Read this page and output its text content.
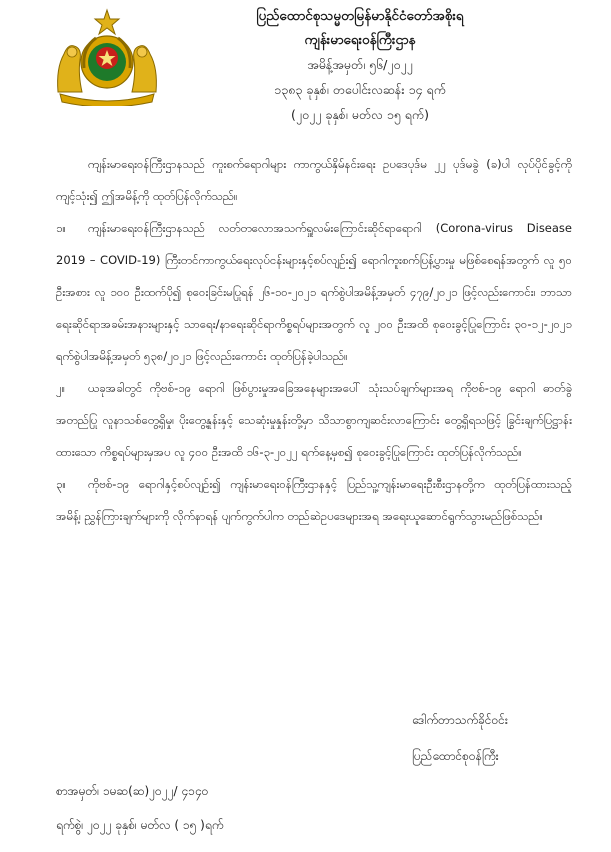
ပြည်ထောင်စုသမ္မတမြန်မာနိုင်ငံတော်အစိုးရ
ကျန်းမာရေးဝန်ကြီးဌာန
အမိန့်အမှတ်၊ ၅၆/၂၀၂၂
၁၃၈၃ ခုနှစ်၊ တပေါင်းလဆန်း ၁၄ ရက်
(၂၀၂၂ ခုနှစ်၊ မတ်လ ၁၅ ရက်)

ကျန်းမာရေးဝန်ကြီးဌာနသည် ကူးစက်ရောဂါများ ကာကွယ်နှိမ်နင်းရေး ဥပဒေပုဒ်မ ၂၂ ပုဒ်မခွဲ (ခ)ပါ လုပ်ပိုင်ခွင့်ကို ကျင့်သုံး၍ ဤအမိန့်ကို ထုတ်ပြန်လိုက်သည်။

၁။ ကျန်းမာရေးဝန်ကြီးဌာနသည် လတ်တလောအသက်ရှူလမ်းကြောင်းဆိုင်ရာရောဂါ (Corona-virus Disease 2019 – COVID-19) ကြီးတင်ကာကွယ်ရေးလုပ်ငန်းများနှင့်စပ်လျဉ်း၍ ရောဂါကူးစက်ပြန့်ပွားမှု မဖြစ်စေရန်အတွက် လူ ၅၀ ဦးအစား လူ ၁၀၀ ဦးထက်ပို၍ စုဝေးခြင်းမပြုရန် ၂၆-၁၀-၂၀၂၁ ရက်စွဲပါအမိန့်အမှတ် ၄၇၉/၂၀၂၁ ဖြင့်လည်းကောင်း၊ ဘာသာရေးဆိုင်ရာအခမ်းအနားများနှင့် သာရေး/နာရေးဆိုင်ရာကိစ္စရပ်များအတွက် လူ ၂၀၀ ဦးအထိ စုဝေးခွင့်ပြုကြောင်း ၃၀-၁၂-၂၀၂၁ ရက်စွဲပါအမိန့်အမှတ် ၅၃၈/၂၀၂၁ ဖြင့်လည်းကောင်း ထုတ်ပြန်ခဲ့ပါသည်။

၂။ ယခုအခါတွင် ကိုဗစ်-၁၉ ရောဂါ ဖြစ်ပွားမှုအခြေအနေများအပေါ် သုံးသပ်ချက်များအရ ကိုဗစ်-၁၉ ရောဂါ ဓာတ်ခွဲအတည်ပြု လူနာသစ်တွေ့ရှိမှု၊ ပိုးတွေ့နှုန်းနှင့် သေဆုံးမှုနှုန်းတို့မှာ သိသာစွာကျဆင်းလာကြောင်း တွေ့ရှိရသဖြင့် ခြွင်းချက်ပြဋ္ဌာန်းထားသော ကိစ္စရပ်များမှအပ လူ ၄၀၀ ဦးအထိ ၁၆-၃-၂၀၂၂ ရက်နေ့မှစ၍ စုဝေးခွင့်ပြုကြောင်း ထုတ်ပြန်လိုက်သည်။

၃။ ကိုဗစ်-၁၉ ရောဂါနှင့်စပ်လျဉ်း၍ ကျန်းမာရေးဝန်ကြီးဌာနနှင့် ပြည်သူ့ကျန်းမာရေးဦးစီးဌာနတို့က ထုတ်ပြန်ထားသည့် အမိန့်၊ ညွှန်ကြားချက်များကို လိုက်နာရန် ပျက်ကွက်ပါက တည်ဆဲဥပဒေများအရ အရေးယူဆောင်ရွက်သွားမည်ဖြစ်သည်။

ဒေါက်တာသက်ခိုင်ဝင်း
ပြည်ထောင်စုဝန်ကြီး
စာအမှတ်၊ ၁မဆ(ဆ)၂၀၂၂/ ၄၁၄၀
ရက်စွဲ၊ ၂၀၂၂ ခုနှစ်၊ မတ်လ ( ၁၅ )ရက်
